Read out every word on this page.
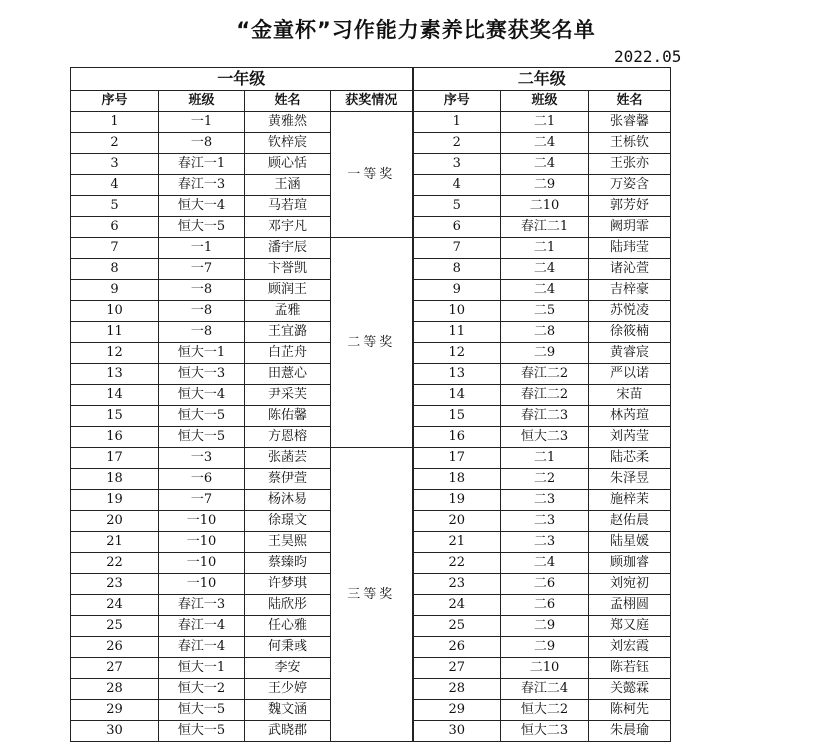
“金童杯”习作能力素养比赛获奖名单
2022.05
一年级				二年级		
序号	班级	姓名	获奖情况	序号	班级	姓名
1	一1	黄雅然	一等奖	1	二1	张睿馨
2	一8	钦梓宸		2	二4	王栎钦
3	春江一1	顾心恬		3	二4	王张亦
4	春江一3	王涵		4	二9	万姿含
5	恒大一4	马若瑄		5	二10	郭芳妤
6	恒大一5	邓宇凡		6	春江二1	阙玥霏
7	一1	潘宇辰	二等奖	7	二1	陆玮莹
8	一7	卞誉凯		8	二4	诸沁萱
9	一8	顾润王		9	二4	吉梓豪
10	一8	孟雅		10	二5	苏悦凌
11	一8	王宜潞		11	二8	徐筱楠
12	恒大一1	白芷舟		12	二9	黄睿宸
13	恒大一3	田薏心		13	春江二2	严以诺
14	恒大一4	尹采芙		14	春江二2	宋苗
15	恒大一5	陈佑馨		15	春江二3	林芮瑄
16	恒大一5	方恩榕		16	恒大二3	刘芮莹
17	一3	张菡芸	三等奖	17	二1	陆芯柔
18	一6	蔡伊萱		18	二2	朱泽昱
19	一7	杨沐易		19	二3	施梓茉
20	一10	徐璟文		20	二3	赵佑晨
21	一10	王昊熙		21	二3	陆星媛
22	一10	蔡臻昀		22	二4	顾珈睿
23	一10	许梦琪		23	二6	刘宛初
24	春江一3	陆欣彤		24	二6	孟栩圆
25	春江一4	任心雅		25	二9	郑又庭
26	春江一4	何秉彧		26	二9	刘宏霞
27	恒大一1	李安		27	二10	陈若钰
28	恒大一2	王少婷		28	春江二4	关懿霖
29	恒大一5	魏文涵		29	恒大二2	陈柯先
30	恒大一5	武晓郡		30	恒大二3	朱晨瑜
